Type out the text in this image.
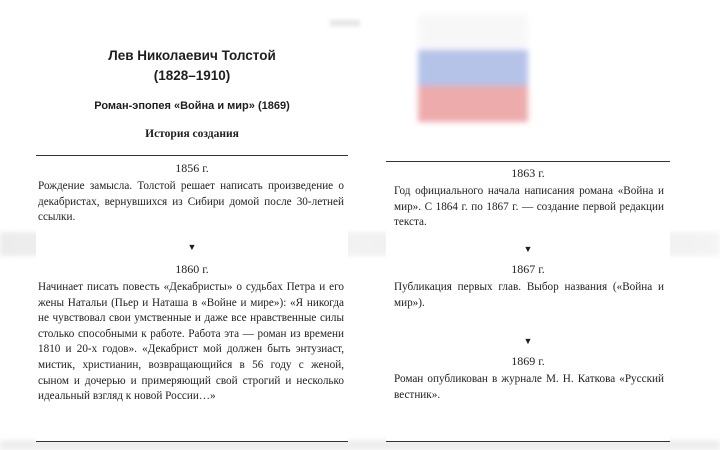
Лев Николаевич Толстой
(1828–1910)
Роман-эпопея «Война и мир» (1869)
История создания
1856 г.

Рождение замысла. Толстой решает написать произведение о декабристах, вернувшихся из Сибири домой после 30-летней ссылки.

▼
1860 г.

Начинает писать повесть «Декабристы» о судьбах Петра и его жены Натальи (Пьер и Наташа в «Войне и мире»): «Я никогда не чувствовал свои умственные и даже все нравственные силы столько способными к работе. Работа эта — роман из времени 1810 и 20-х годов». «Декабрист мой должен быть энтузиаст, мистик, христианин, возвращающийся в 56 году с женой, сыном и дочерью и примеряющий свой строгий и несколько идеальный взгляд к новой России…»

1863 г.

Год официального начала написания романа «Война и мир». С 1864 г. по 1867 г. — создание первой редакции текста.

▼
1867 г.

Публикация первых глав. Выбор названия («Война и мир»).

▼
1869 г.

Роман опубликован в журнале М. Н. Каткова «Русский вестник».
